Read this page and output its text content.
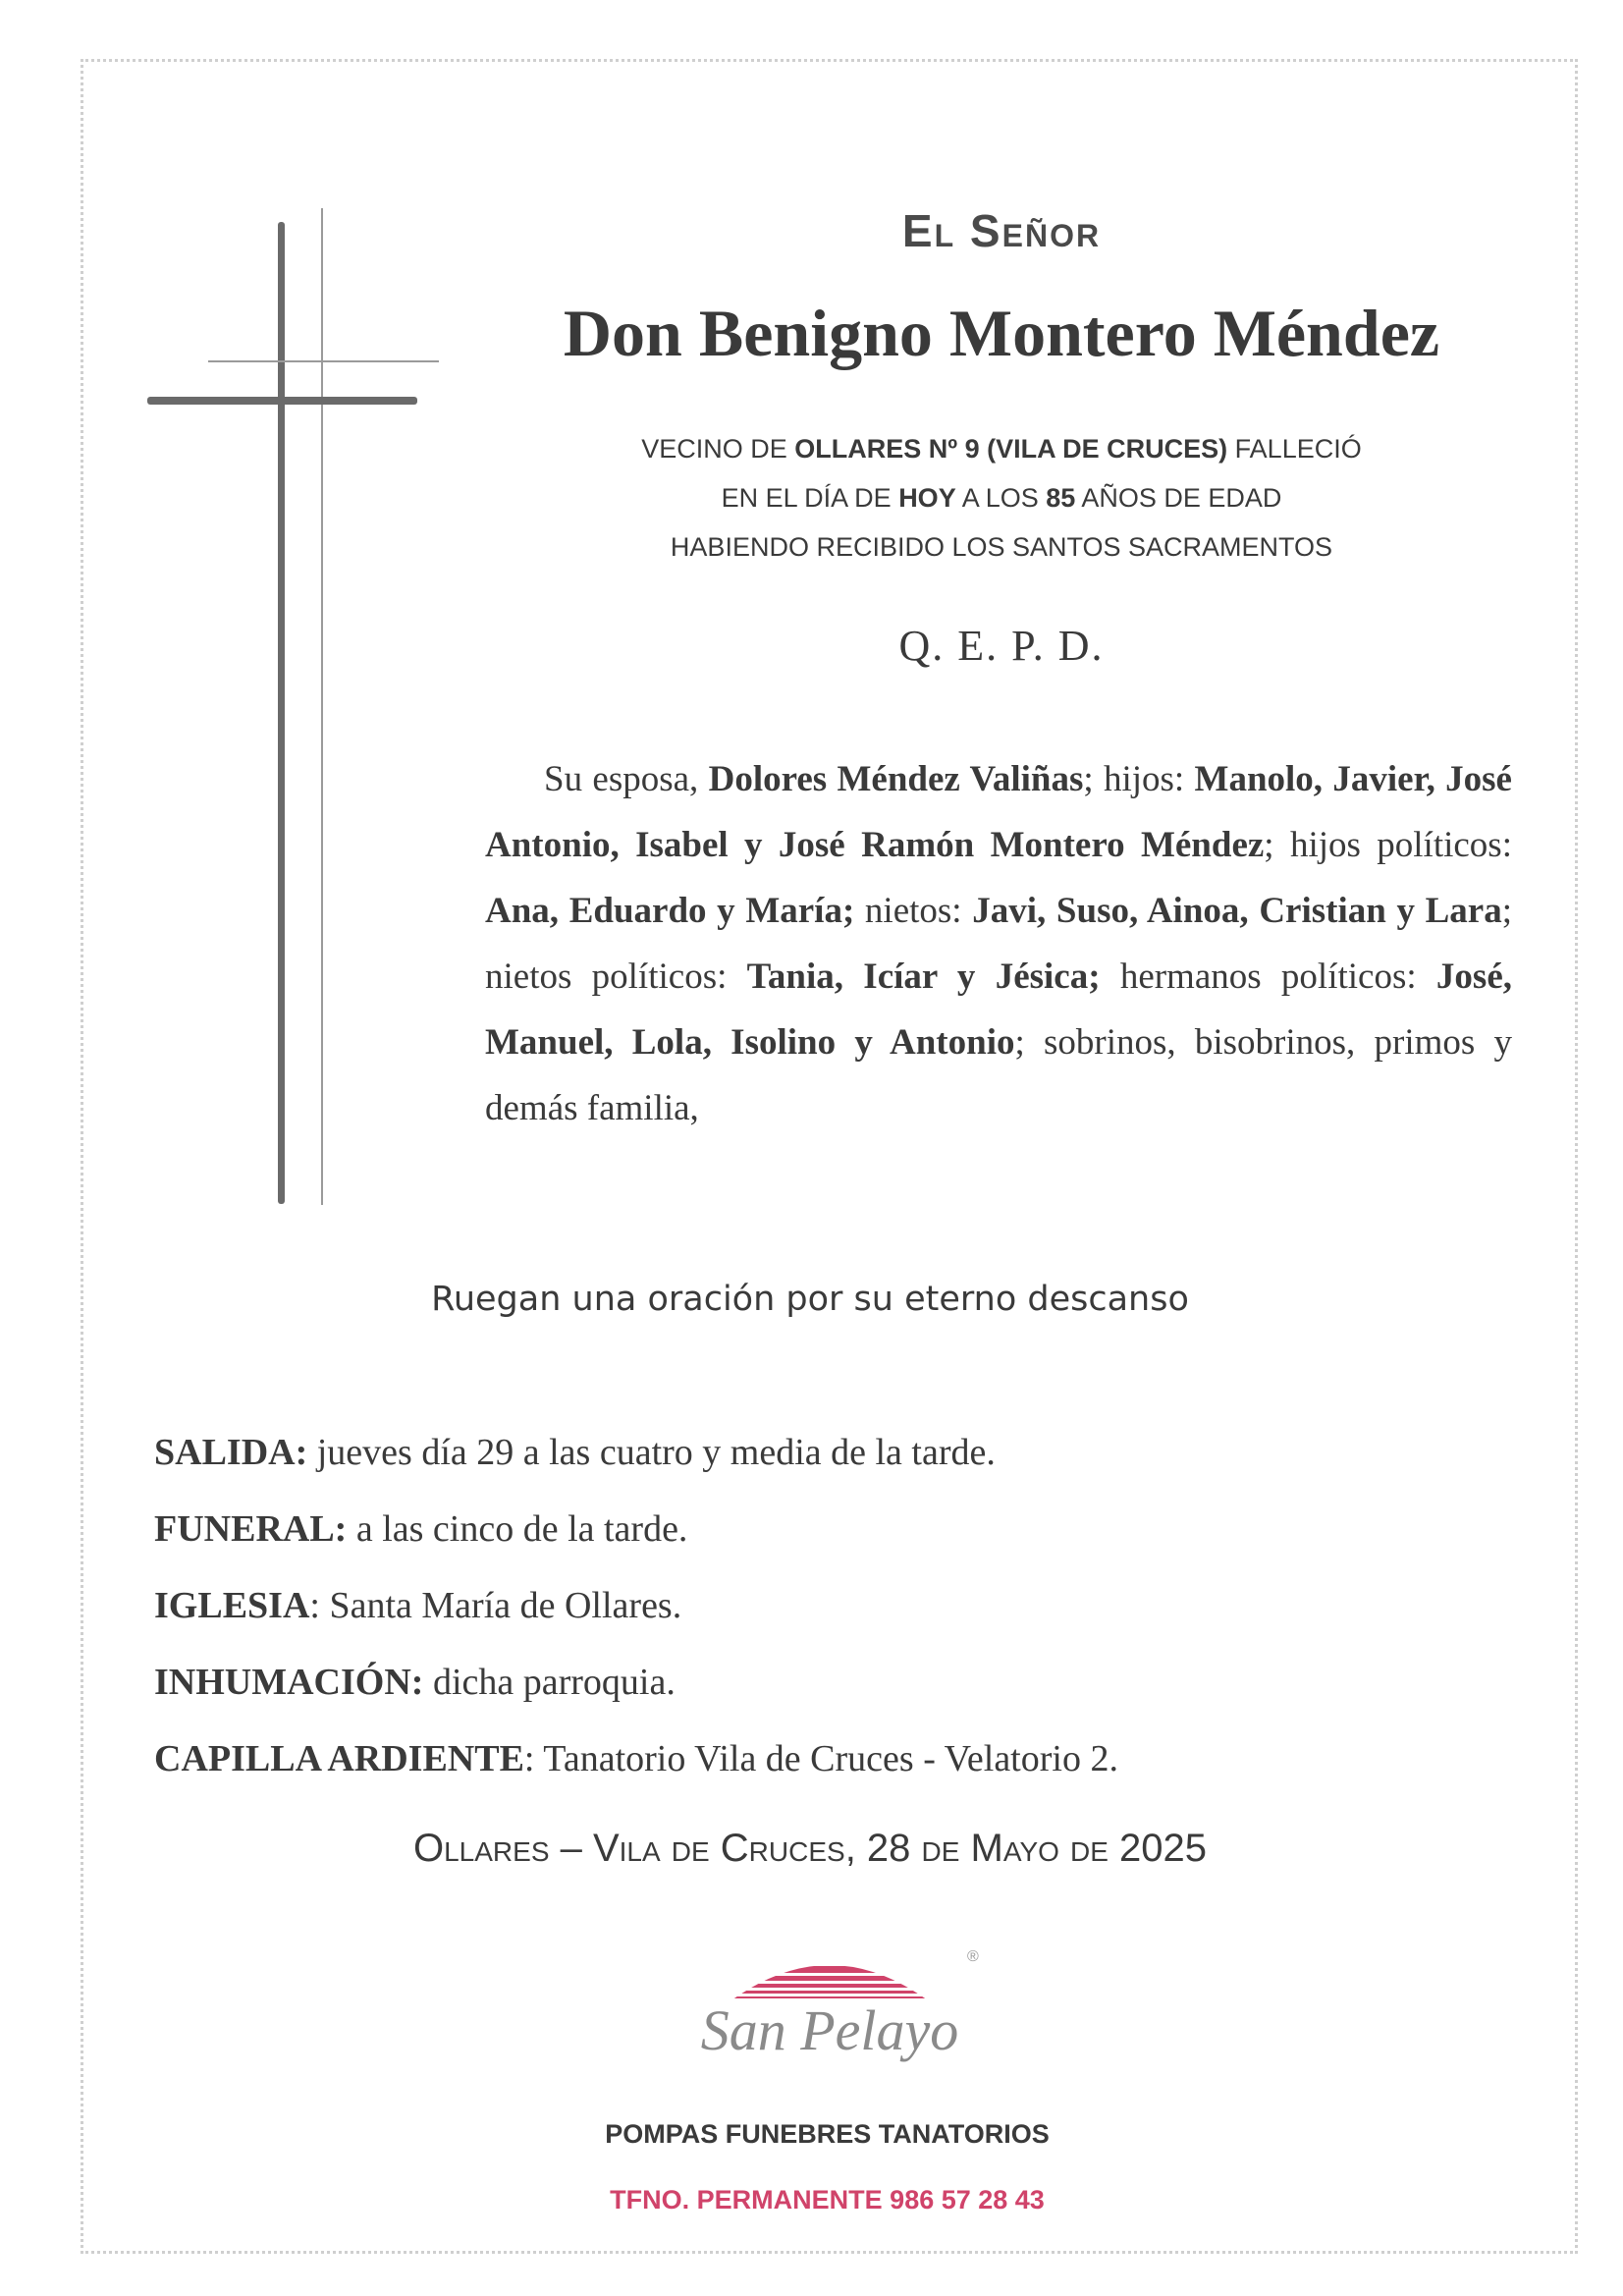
El Señor
Don Benigno Montero Méndez
VECINO DE OLLARES Nº 9 (VILA DE CRUCES) FALLECIÓ
EN EL DÍA DE HOY A LOS 85 AÑOS DE EDAD
HABIENDO RECIBIDO LOS SANTOS SACRAMENTOS
Q. E. P. D.
Su esposa, Dolores Méndez Valiñas; hijos: Manolo, Javier, José Antonio, Isabel y José Ramón Montero Méndez; hijos políticos: Ana, Eduardo y María; nietos: Javi, Suso, Ainoa, Cristian y Lara; nietos políticos: Tania, Icíar y Jésica; hermanos políticos: José, Manuel, Lola, Isolino y Antonio; sobrinos, bisobrinos, primos y demás familia,
Ruegan una oración por su eterno descanso
SALIDA: jueves día 29 a las cuatro y media de la tarde.
FUNERAL: a las cinco de la tarde.
IGLESIA: Santa María de Ollares.
INHUMACIÓN: dicha parroquia.
CAPILLA ARDIENTE: Tanatorio Vila de Cruces - Velatorio 2.
Ollares – Vila de Cruces, 28 de Mayo de 2025
®
San Pelayo
POMPAS FUNEBRES TANATORIOS
TFNO. PERMANENTE 986 57 28 43
